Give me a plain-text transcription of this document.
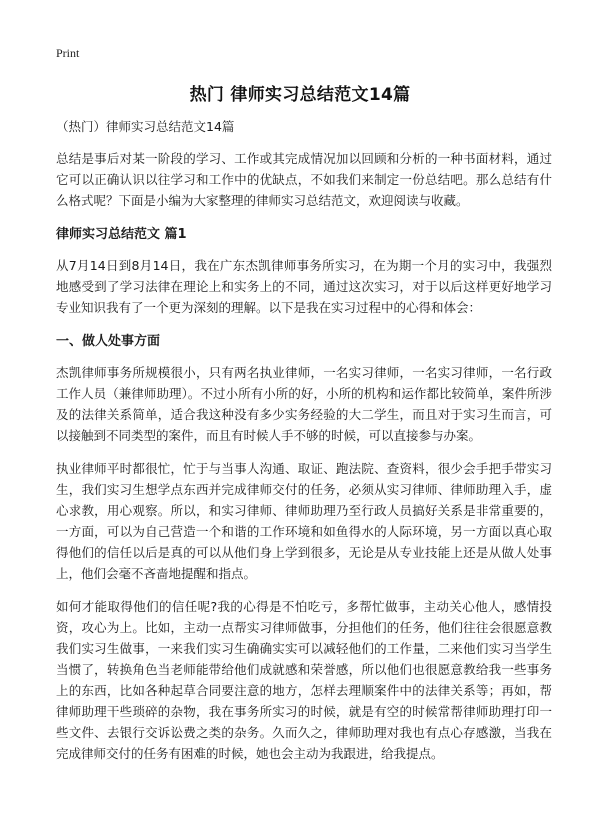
Print
热门 律师实习总结范文14篇
（热门）律师实习总结范文14篇

总结是事后对某一阶段的学习、工作或其完成情况加以回顾和分析的一种书面材料，通过它可以正确认识以往学习和工作中的优缺点，不如我们来制定一份总结吧。那么总结有什么格式呢？下面是小编为大家整理的律师实习总结范文，欢迎阅读与收藏。

律师实习总结范文 篇1

从7月14日到8月14日，我在广东杰凯律师事务所实习，在为期一个月的实习中，我强烈地感受到了学习法律在理论上和实务上的不同，通过这次实习，对于以后这样更好地学习专业知识我有了一个更为深刻的理解。以下是我在实习过程中的心得和体会：

一、做人处事方面

杰凯律师事务所规模很小，只有两名执业律师，一名实习律师，一名实习律师，一名行政工作人员（兼律师助理）。不过小所有小所的好，小所的机构和运作都比较简单，案件所涉及的法律关系简单，适合我这种没有多少实务经验的大二学生，而且对于实习生而言，可以接触到不同类型的案件，而且有时候人手不够的时候，可以直接参与办案。

执业律师平时都很忙，忙于与当事人沟通、取证、跑法院、查资料，很少会手把手带实习生，我们实习生想学点东西并完成律师交付的任务，必须从实习律师、律师助理入手，虚心求教，用心观察。所以，和实习律师、律师助理乃至行政人员搞好关系是非常重要的，一方面，可以为自己营造一个和谐的工作环境和如鱼得水的人际环境，另一方面以真心取得他们的信任以后是真的可以从他们身上学到很多，无论是从专业技能上还是从做人处事上，他们会毫不吝啬地提醒和指点。

如何才能取得他们的信任呢?我的心得是不怕吃亏，多帮忙做事，主动关心他人，感情投资，攻心为上。比如，主动一点帮实习律师做事，分担他们的任务，他们往往会很愿意教我们实习生做事，一来我们实习生确确实实可以减轻他们的工作量，二来他们实习当学生当惯了，转换角色当老师能带给他们成就感和荣誉感，所以他们也很愿意教给我一些事务上的东西，比如各种起草合同要注意的地方，怎样去理顺案件中的法律关系等；再如，帮律师助理干些琐碎的杂物，我在事务所实习的时候，就是有空的时候常帮律师助理打印一些文件、去银行交诉讼费之类的杂务。久而久之，律师助理对我也有点心存感激，当我在完成律师交付的任务有困难的时候，她也会主动为我跟进，给我提点。
